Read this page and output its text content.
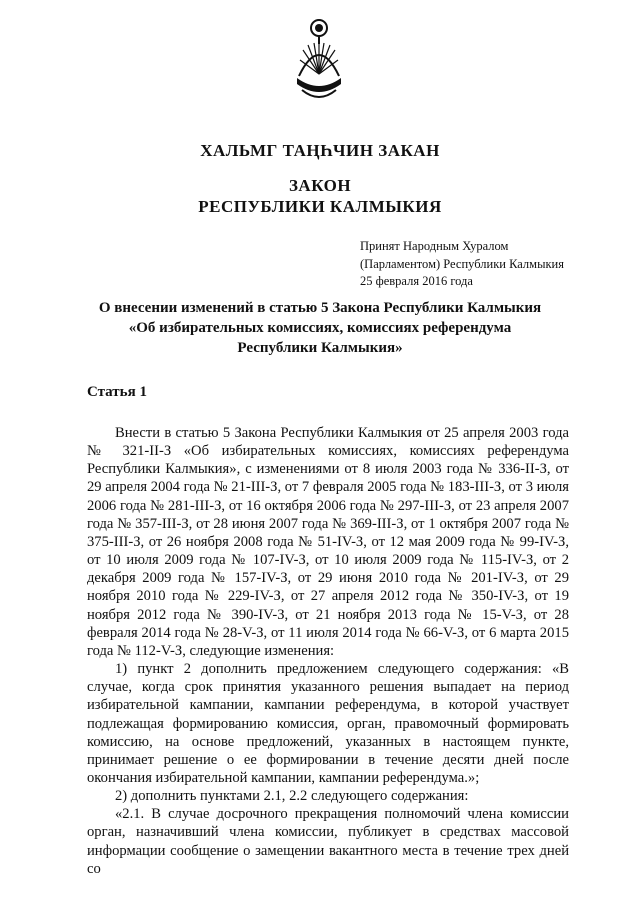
ХАЛЬМГ ТАҢҺЧИН ЗАКАН
ЗАКОН
РЕСПУБЛИКИ КАЛМЫКИЯ
Принят Народным Хуралом
(Парламентом) Республики Калмыкия
25 февраля 2016 года
О внесении изменений в статью 5 Закона Республики Калмыкия
«Об избирательных комиссиях, комиссиях референдума
Республики Калмыкия»
Статья 1

Внести в статью 5 Закона Республики Калмыкия от 25 апреля 2003 года № 321-II-З «Об избирательных комиссиях, комиссиях референдума Республики Калмыкия», с изменениями от 8 июля 2003 года № 336-II-З, от 29 апреля 2004 года № 21-III-З, от 7 февраля 2005 года № 183-III-З, от 3 июля 2006 года № 281-III-З, от 16 октября 2006 года № 297-III-З, от 23 апреля 2007 года № 357-III-З, от 28 июня 2007 года № 369-III-З, от 1 октября 2007 года № 375-III-З, от 26 ноября 2008 года № 51-IV-З, от 12 мая 2009 года № 99-IV-З, от 10 июля 2009 года № 107-IV-З, от 10 июля 2009 года № 115-IV-З, от 2 декабря 2009 года № 157-IV-З, от 29 июня 2010 года № 201-IV-З, от 29 ноября 2010 года № 229-IV-З, от 27 апреля 2012 года № 350-IV-З, от 19 ноября 2012 года № 390-IV-З, от 21 ноября 2013 года № 15-V-З, от 28 февраля 2014 года № 28-V-З, от 11 июля 2014 года № 66-V-З, от 6 марта 2015 года № 112-V-З, следующие изменения:

1) пункт 2 дополнить предложением следующего содержания: «В случае, когда срок принятия указанного решения выпадает на период избирательной кампании, кампании референдума, в которой участвует подлежащая формированию комиссия, орган, правомочный формировать комиссию, на основе предложений, указанных в настоящем пункте, принимает решение о ее формировании в течение десяти дней после окончания избирательной кампании, кампании референдума.»;

2) дополнить пунктами 2.1, 2.2 следующего содержания:

«2.1. В случае досрочного прекращения полномочий члена комиссии орган, назначивший члена комиссии, публикует в средствах массовой информации сообщение о замещении вакантного места в течение трех дней со
